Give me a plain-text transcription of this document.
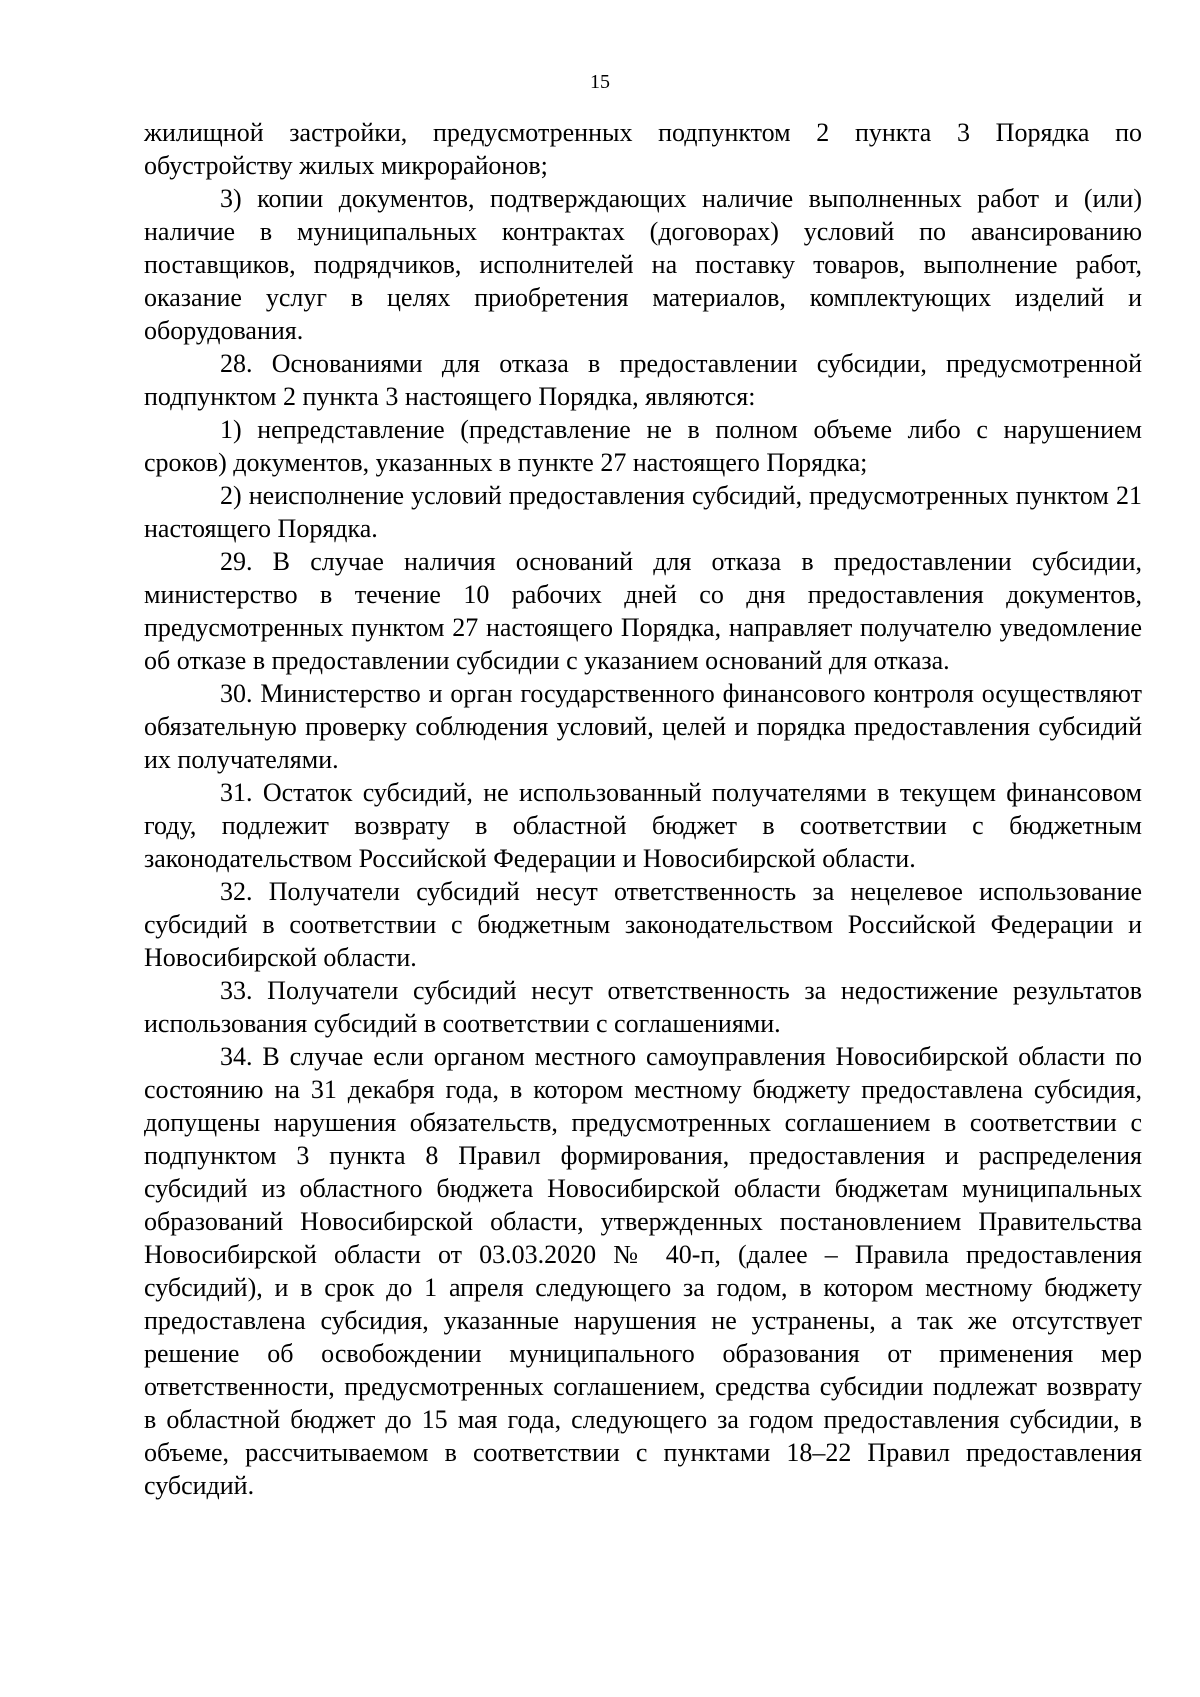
15

жилищной застройки, предусмотренных подпунктом 2 пункта 3 Порядка по обустройству жилых микрорайонов;

3) копии документов, подтверждающих наличие выполненных работ и (или) наличие в муниципальных контрактах (договорах) условий по авансированию поставщиков, подрядчиков, исполнителей на поставку товаров, выполнение работ, оказание услуг в целях приобретения материалов, комплектующих изделий и оборудования.

28. Основаниями для отказа в предоставлении субсидии, предусмотренной подпунктом 2 пункта 3 настоящего Порядка, являются:

1) непредставление (представление не в полном объеме либо с нарушением сроков) документов, указанных в пункте 27 настоящего Порядка;

2) неисполнение условий предоставления субсидий, предусмотренных пунктом 21 настоящего Порядка.

29. В случае наличия оснований для отказа в предоставлении субсидии, министерство в течение 10 рабочих дней со дня предоставления документов, предусмотренных пунктом 27 настоящего Порядка, направляет получателю уведомление об отказе в предоставлении субсидии с указанием оснований для отказа.

30. Министерство и орган государственного финансового контроля осуществляют обязательную проверку соблюдения условий, целей и порядка предоставления субсидий их получателями.

31. Остаток субсидий, не использованный получателями в текущем финансовом году, подлежит возврату в областной бюджет в соответствии с бюджетным законодательством Российской Федерации и Новосибирской области.

32. Получатели субсидий несут ответственность за нецелевое использование субсидий в соответствии с бюджетным законодательством Российской Федерации и Новосибирской области.

33. Получатели субсидий несут ответственность за недостижение результатов использования субсидий в соответствии с соглашениями.

34. В случае если органом местного самоуправления Новосибирской области по состоянию на 31 декабря года, в котором местному бюджету предоставлена субсидия, допущены нарушения обязательств, предусмотренных соглашением в соответствии с подпунктом 3 пункта 8 Правил формирования, предоставления и распределения субсидий из областного бюджета Новосибирской области бюджетам муниципальных образований Новосибирской области, утвержденных постановлением Правительства Новосибирской области от 03.03.2020 № 40-п, (далее – Правила предоставления субсидий), и в срок до 1 апреля следующего за годом, в котором местному бюджету предоставлена субсидия, указанные нарушения не устранены, а так же отсутствует решение об освобождении муниципального образования от применения мер ответственности, предусмотренных соглашением, средства субсидии подлежат возврату в областной бюджет до 15 мая года, следующего за годом предоставления субсидии, в объеме, рассчитываемом в соответствии с пунктами 18–22 Правил предоставления субсидий.
